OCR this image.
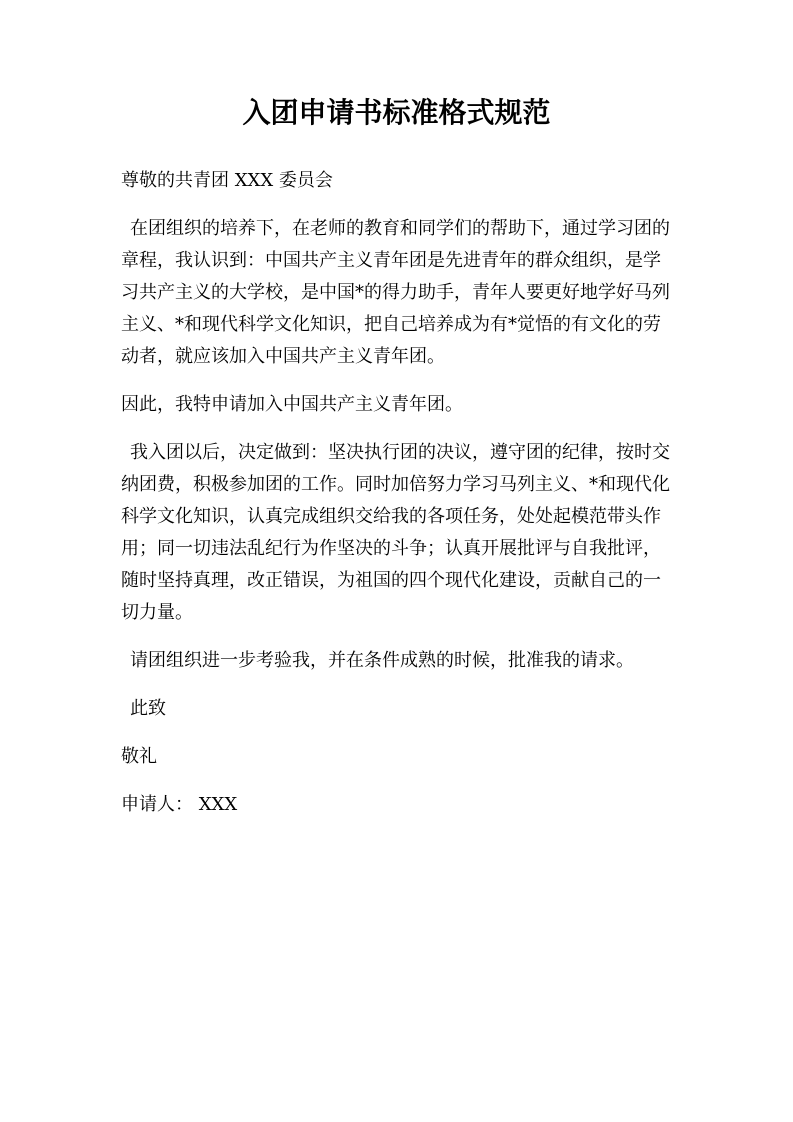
入团申请书标准格式规范

尊敬的共青团 XXX 委员会

在团组织的培养下，在老师的教育和同学们的帮助下，通过学习团的章程，我认识到：中国共产主义青年团是先进青年的群众组织，是学习共产主义的大学校，是中国*的得力助手，青年人要更好地学好马列主义、*和现代科学文化知识，把自己培养成为有*觉悟的有文化的劳动者，就应该加入中国共产主义青年团。

因此，我特申请加入中国共产主义青年团。

我入团以后，决定做到：坚决执行团的决议，遵守团的纪律，按时交纳团费，积极参加团的工作。同时加倍努力学习马列主义、*和现代化科学文化知识，认真完成组织交给我的各项任务，处处起模范带头作用；同一切违法乱纪行为作坚决的斗争；认真开展批评与自我批评，随时坚持真理，改正错误，为祖国的四个现代化建设，贡献自己的一切力量。

请团组织进一步考验我，并在条件成熟的时候，批准我的请求。

此致

敬礼

申请人： XXX
